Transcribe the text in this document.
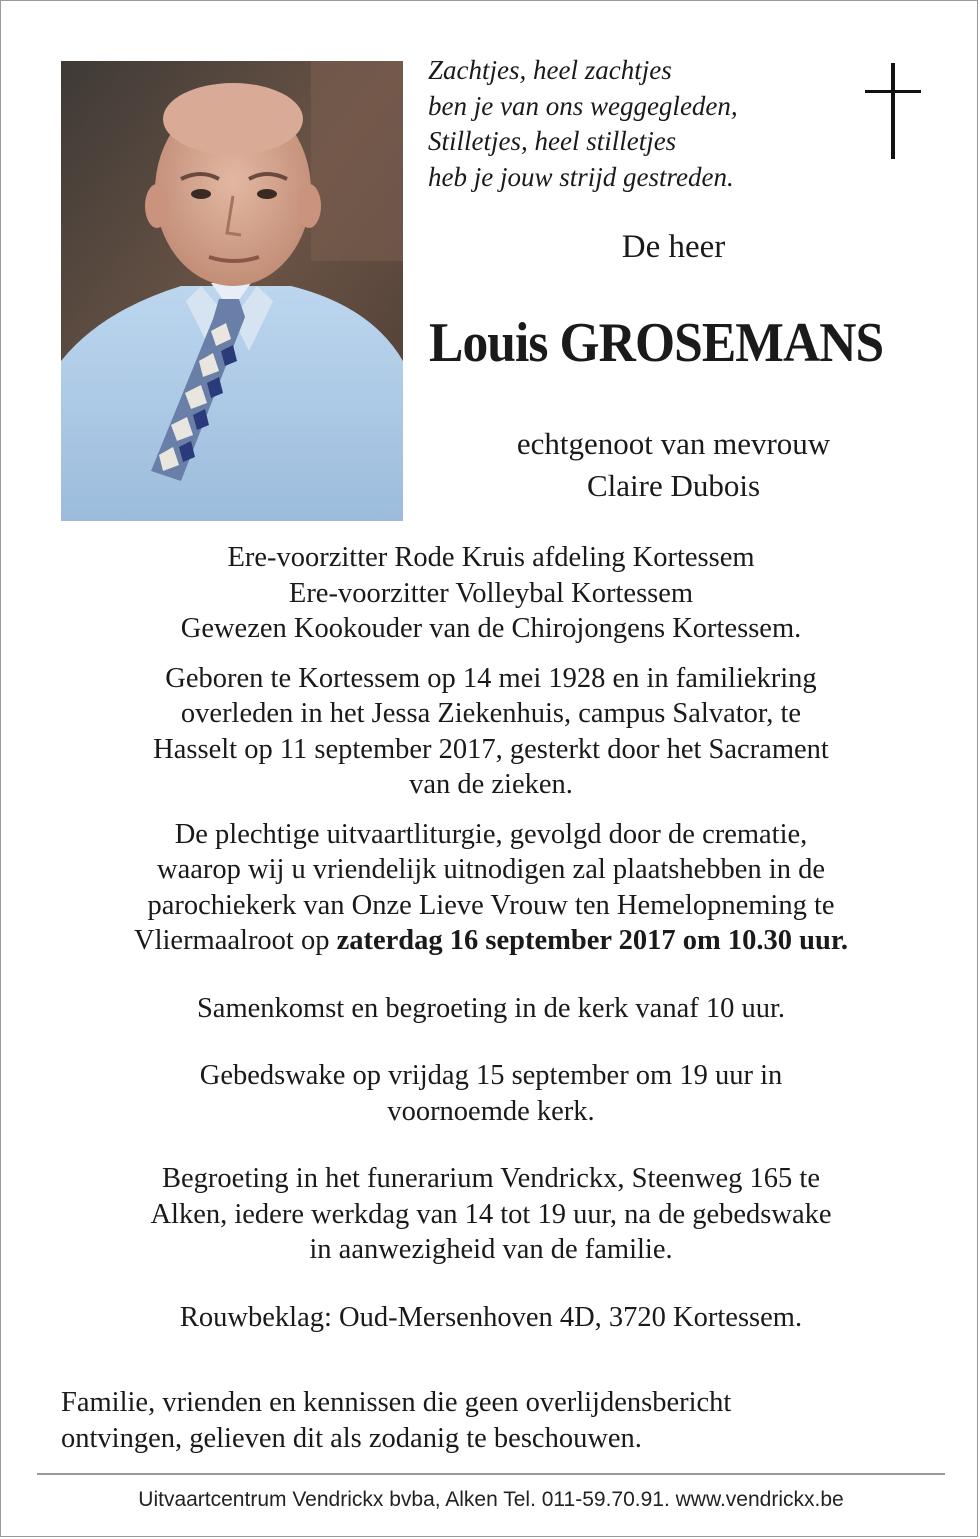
Zachtjes, heel zachtjes
ben je van ons weggegleden,
Stilletjes, heel stilletjes
heb je jouw strijd gestreden.
De heer
Louis GROSEMANS
echtgenoot van mevrouw
Claire Dubois

Ere-voorzitter Rode Kruis afdeling Kortessem
Ere-voorzitter Volleybal Kortessem
Gewezen Kookouder van de Chirojongens Kortessem.

Geboren te Kortessem op 14 mei 1928 en in familiekring
overleden in het Jessa Ziekenhuis, campus Salvator, te
Hasselt op 11 september 2017, gesterkt door het Sacrament
van de zieken.

De plechtige uitvaartliturgie, gevolgd door de crematie,
waarop wij u vriendelijk uitnodigen zal plaatshebben in de
parochiekerk van Onze Lieve Vrouw ten Hemelopneming te
Vliermaalroot op zaterdag 16 september 2017 om 10.30 uur.

Samenkomst en begroeting in de kerk vanaf 10 uur.

Gebedswake op vrijdag 15 september om 19 uur in
voornoemde kerk.

Begroeting in het funerarium Vendrickx, Steenweg 165 te
Alken, iedere werkdag van 14 tot 19 uur, na de gebedswake
in aanwezigheid van de familie.

Rouwbeklag: Oud-Mersenhoven 4D, 3720 Kortessem.

Familie, vrienden en kennissen die geen overlijdensbericht
ontvingen, gelieven dit als zodanig te beschouwen.
Uitvaartcentrum Vendrickx bvba, Alken Tel. 011-59.70.91. www.vendrickx.be
